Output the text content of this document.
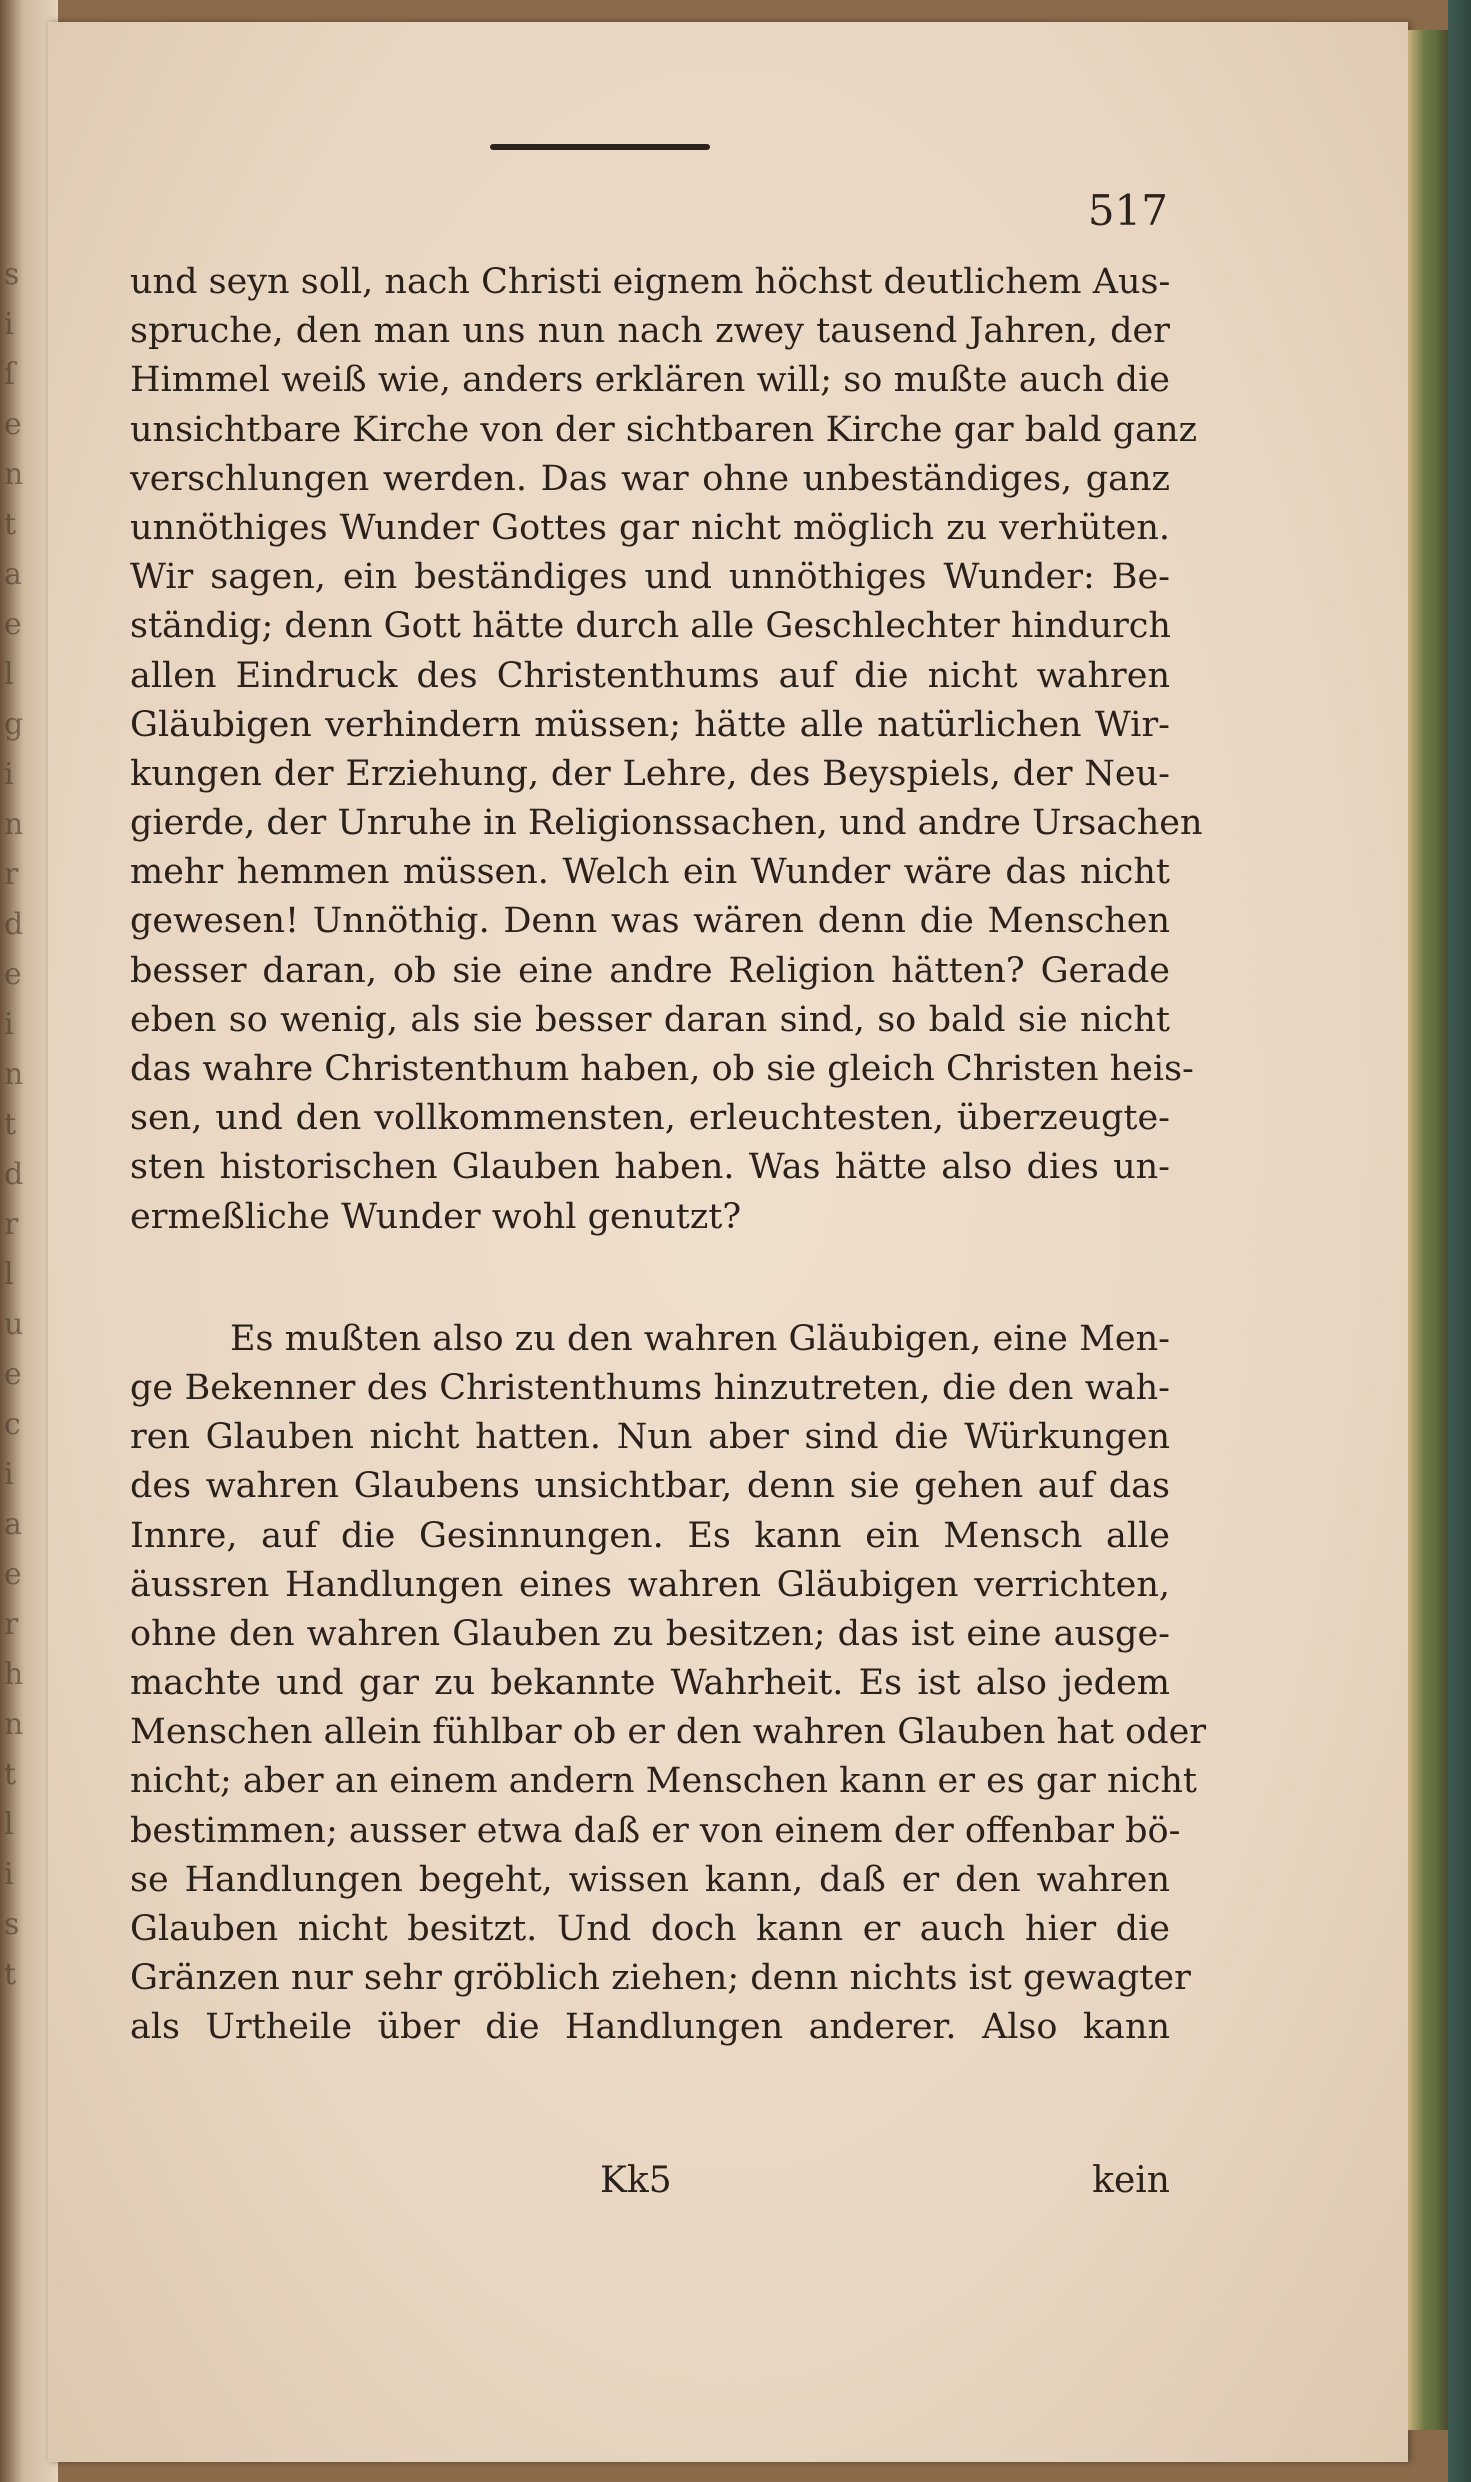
s
i
ſ
e
n
t
a
e
l
g
i
n
r
d
e
i
n
t
d
r
l
u
e
c
i
a
e
r
h
n
t
l
i
s
t

517
und seyn soll, nach Christi eignem höchst deutlichem Aus-
spruche, den man uns nun nach zwey tausend Jahren, der
Himmel weiß wie, anders erklären will; so mußte auch die
unsichtbare Kirche von der sichtbaren Kirche gar bald ganz
verschlungen werden. Das war ohne unbeständiges, ganz
unnöthiges Wunder Gottes gar nicht möglich zu verhüten.
Wir sagen, ein beständiges und unnöthiges Wunder: Be-
ständig; denn Gott hätte durch alle Geschlechter hindurch
allen Eindruck des Christenthums auf die nicht wahren
Gläubigen verhindern müssen; hätte alle natürlichen Wir-
kungen der Erziehung, der Lehre, des Beyspiels, der Neu-
gierde, der Unruhe in Religionssachen, und andre Ursachen
mehr hemmen müssen. Welch ein Wunder wäre das nicht
gewesen! Unnöthig. Denn was wären denn die Menschen
besser daran, ob sie eine andre Religion hätten? Gerade
eben so wenig, als sie besser daran sind, so bald sie nicht
das wahre Christenthum haben, ob sie gleich Christen heis-
sen, und den vollkommensten, erleuchtesten, überzeugte-
sten historischen Glauben haben. Was hätte also dies un-
ermeßliche Wunder wohl genutzt?
Es mußten also zu den wahren Gläubigen, eine Men-
ge Bekenner des Christenthums hinzutreten, die den wah-
ren Glauben nicht hatten. Nun aber sind die Würkungen
des wahren Glaubens unsichtbar, denn sie gehen auf das
Innre, auf die Gesinnungen. Es kann ein Mensch alle
äussren Handlungen eines wahren Gläubigen verrichten,
ohne den wahren Glauben zu besitzen; das ist eine ausge-
machte und gar zu bekannte Wahrheit. Es ist also jedem
Menschen allein fühlbar ob er den wahren Glauben hat oder
nicht; aber an einem andern Menschen kann er es gar nicht
bestimmen; ausser etwa daß er von einem der offenbar bö-
se Handlungen begeht, wissen kann, daß er den wahren
Glauben nicht besitzt. Und doch kann er auch hier die
Gränzen nur sehr gröblich ziehen; denn nichts ist gewagter
als Urtheile über die Handlungen anderer. Also kann
Kk5	kein
